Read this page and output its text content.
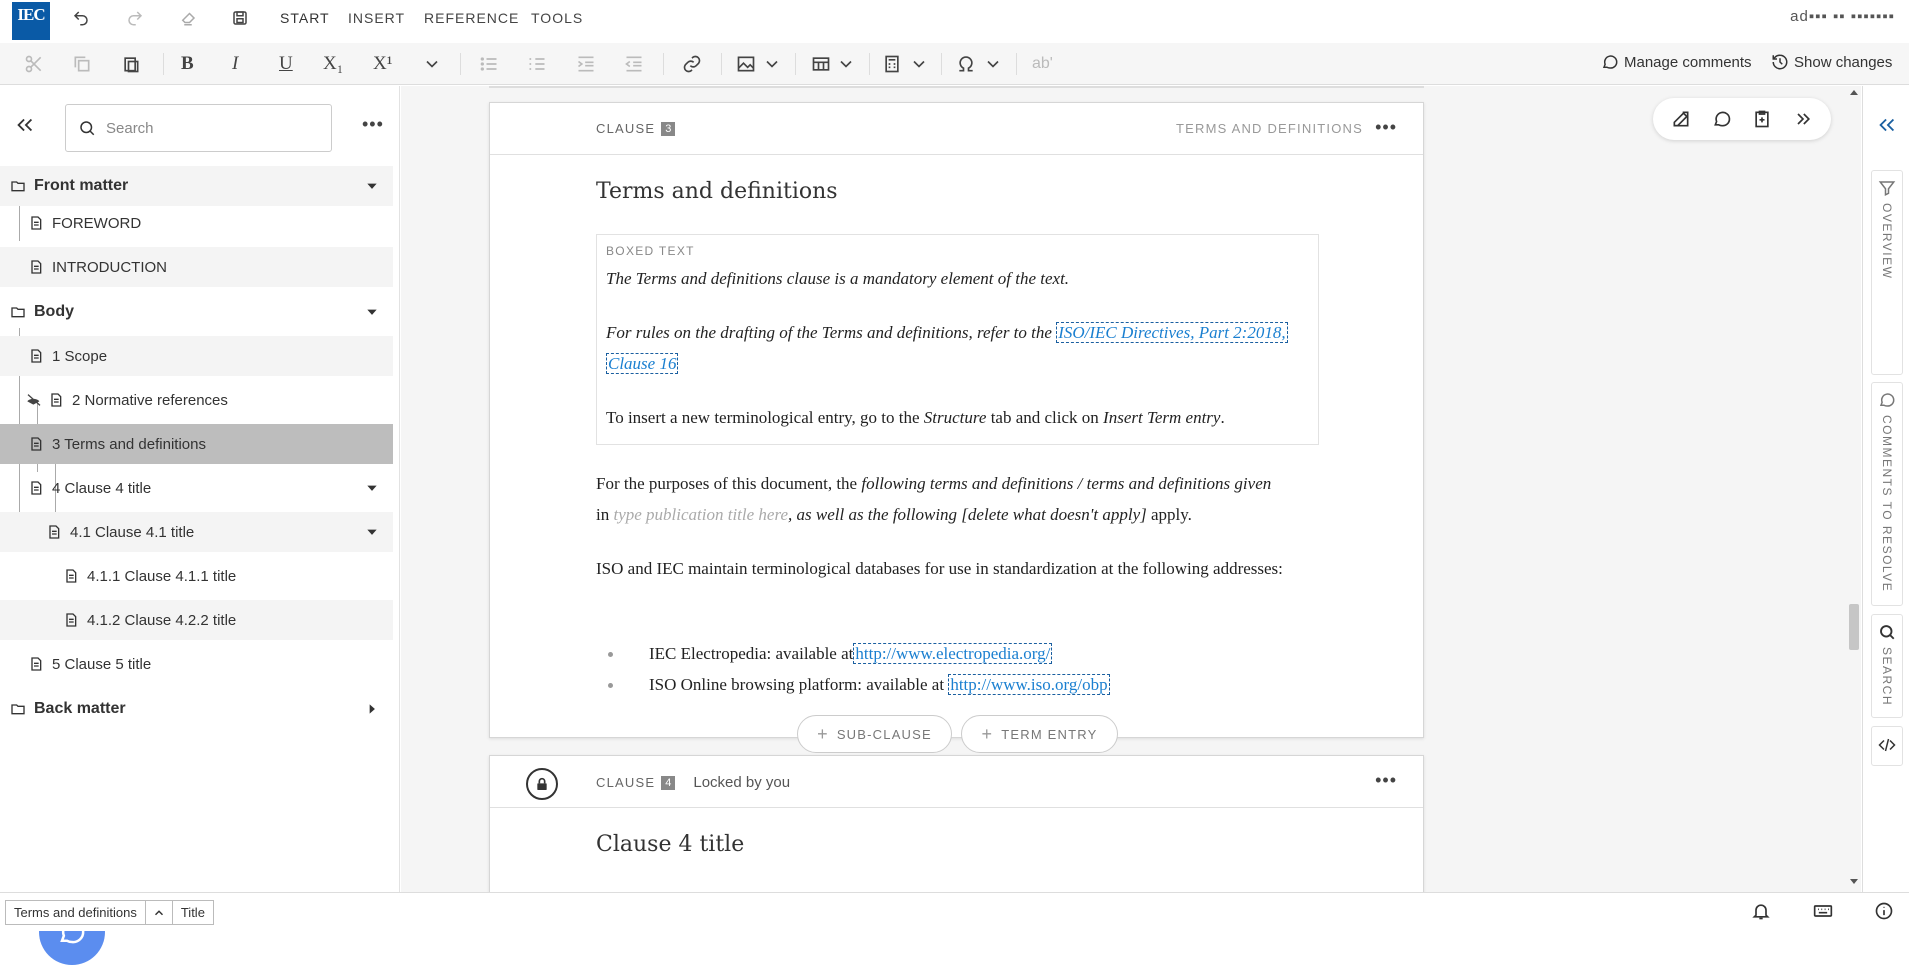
IEC	START INSERT REFERENCE TOOLS	ad▪▪▪ ▪▪ ▪▪▪▪▪▪▪
B I U X₁ X¹	ab'	Manage comments	Show changes
Search	•••
Front matter
FOREWORD
INTRODUCTION
Body
1 Scope
2 Normative references
3 Terms and definitions
4 Clause 4 title
4.1 Clause 4.1 title
4.1.1 Clause 4.1.1 title
4.1.2 Clause 4.2.2 title
5 Clause 5 title
Back matter
CLAUSE 3	TERMS AND DEFINITIONS •••
Terms and definitions
BOXED TEXT
The Terms and definitions clause is a mandatory element of the text.
For rules on the drafting of the Terms and definitions, refer to the ISO/IEC Directives, Part 2:2018,
Clause 16
To insert a new terminological entry, go to the Structure tab and click on Insert Term entry.
For the purposes of this document, the following terms and definitions / terms and definitions given
in type publication title here, as well as the following [delete what doesn't apply] apply.
ISO and IEC maintain terminological databases for use in standardization at the following addresses:
IEC Electropedia: available at http://www.electropedia.org/
ISO Online browsing platform: available at http://www.iso.org/obp
+ SUB-CLAUSE	+ TERM ENTRY
CLAUSE 4 Locked by you	•••
Clause 4 title
OVERVIEW
COMMENTS TO RESOLVE
SEARCH
Terms and definitions	Title
